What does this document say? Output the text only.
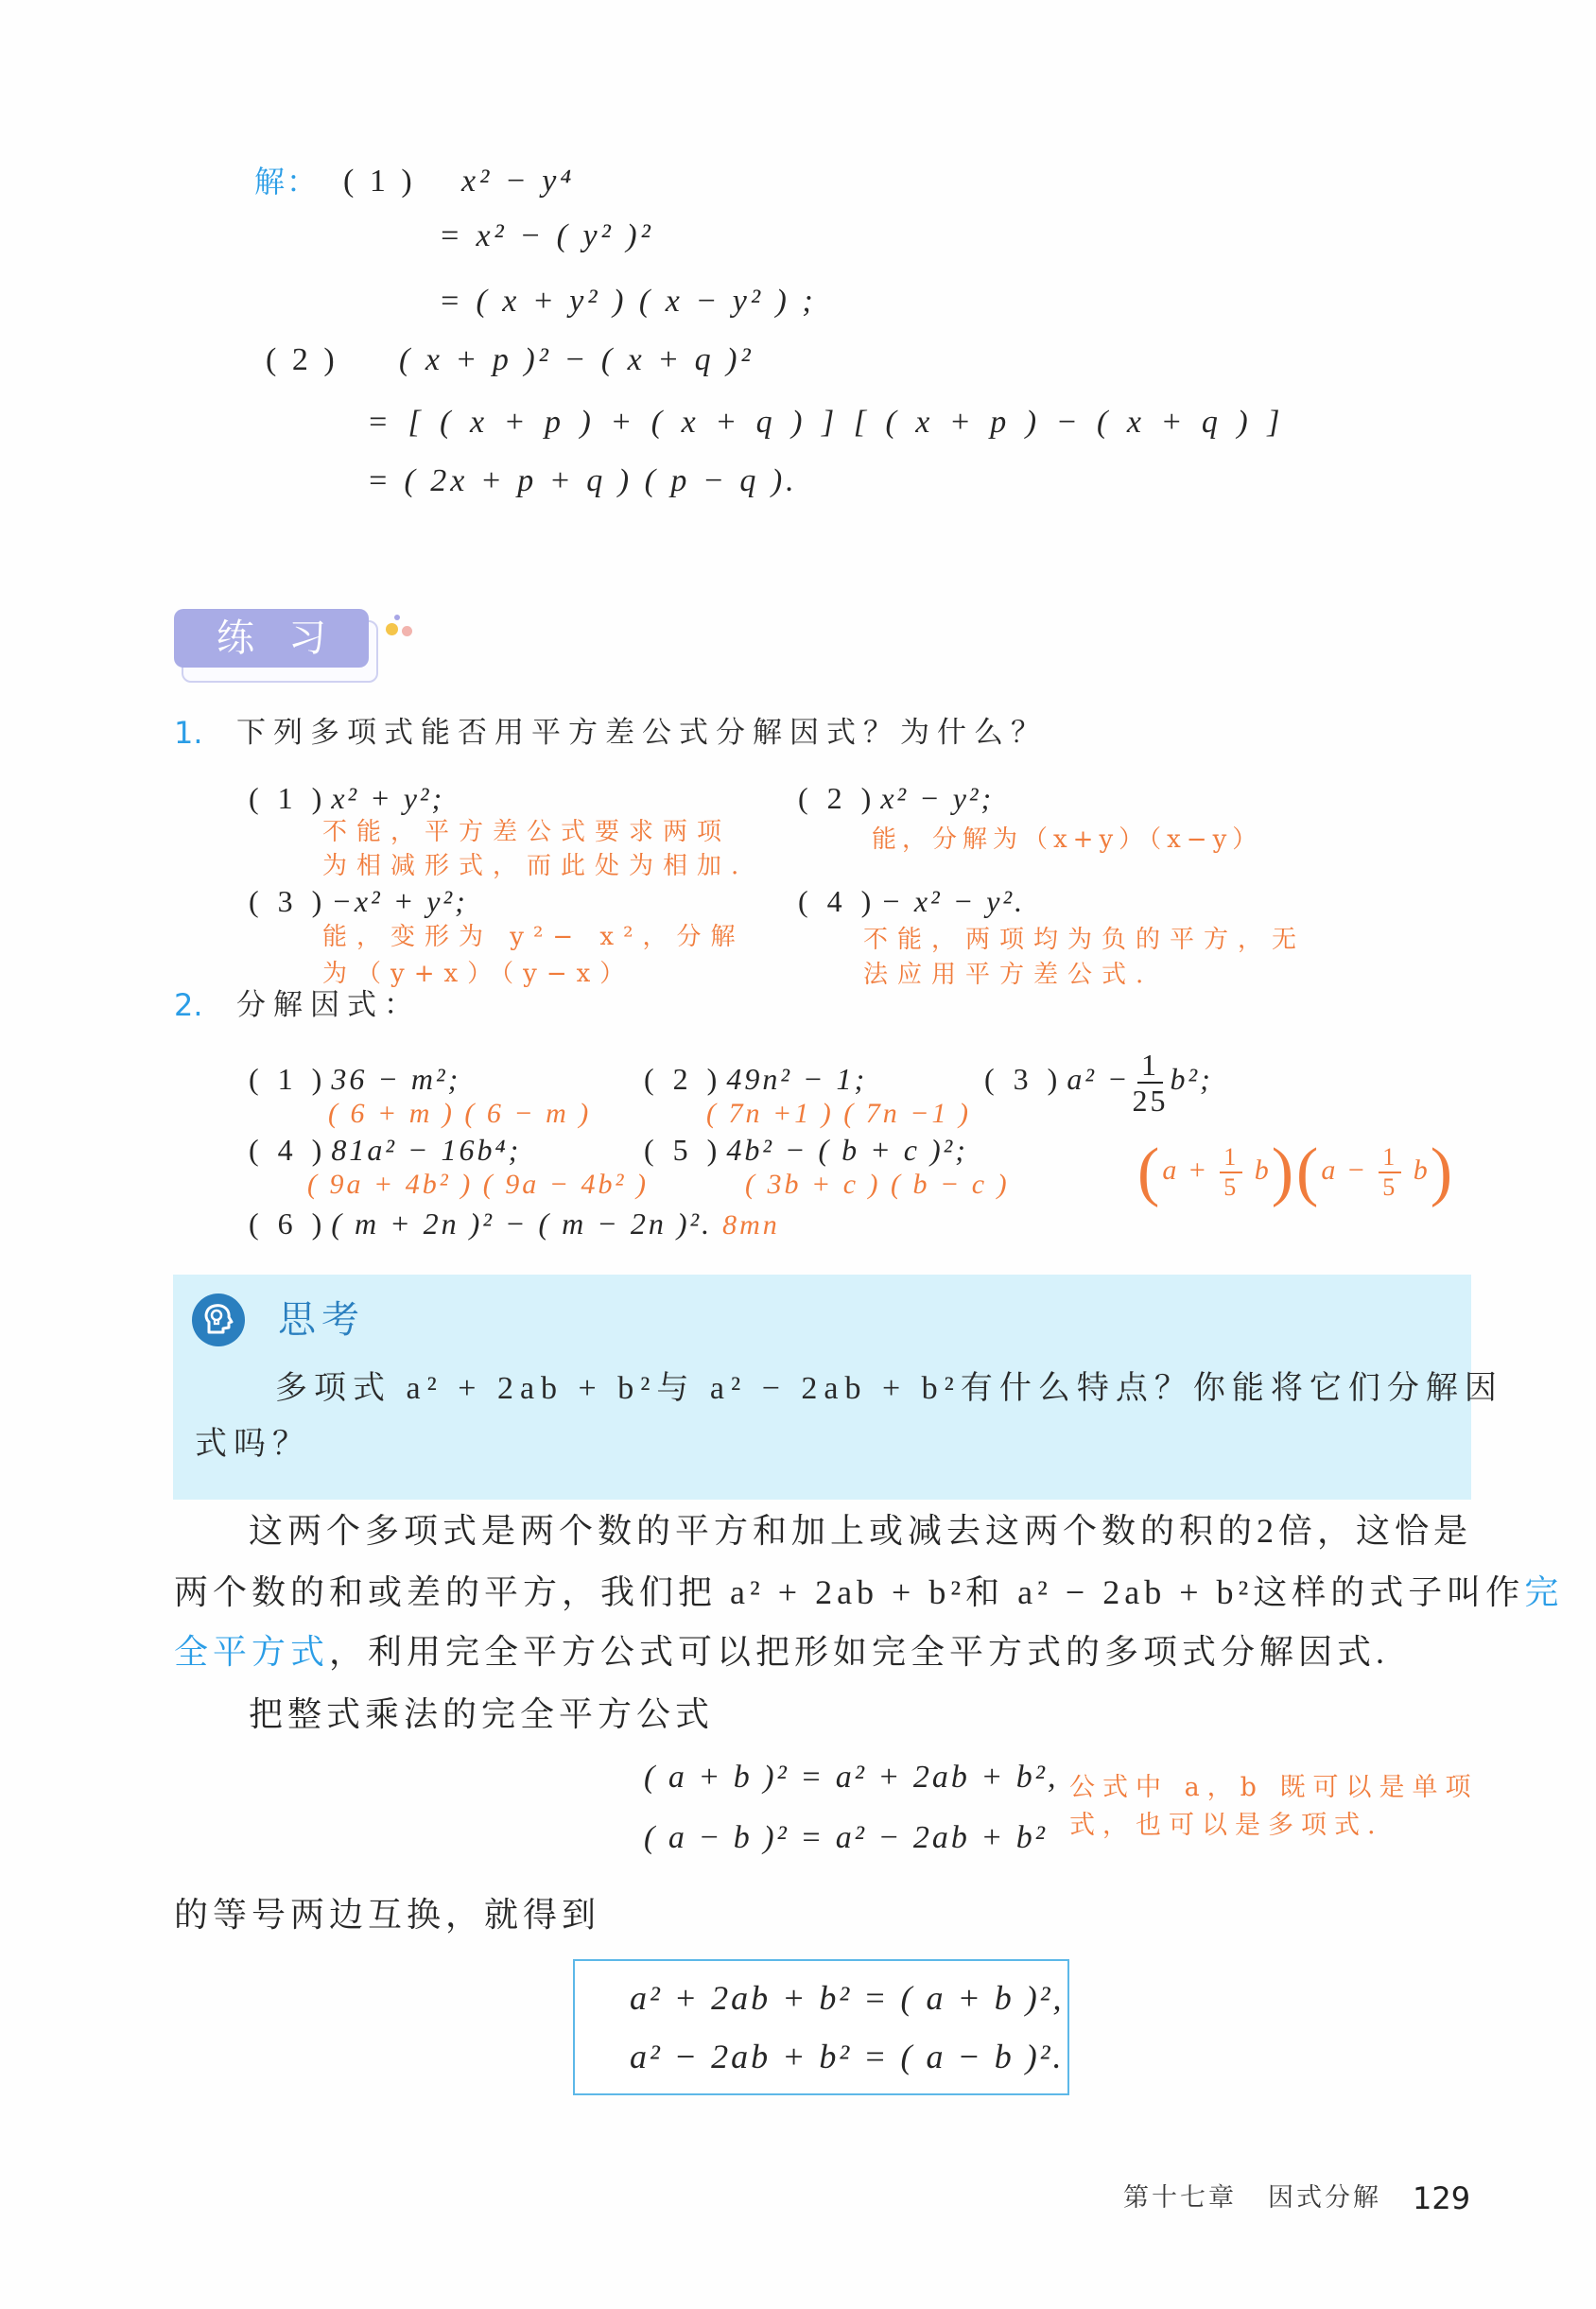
解： ( 1 ) x² − y⁴
= x² − ( y² )²
= ( x + y² ) ( x − y² ) ;
( 2 ) ( x + p )² − ( x + q )²
= [ ( x + p ) + ( x + q ) ] [ ( x + p ) − ( x + q ) ]
= ( 2x + p + q ) ( p − q ).
练习
1. 下列多项式能否用平方差公式分解因式？为什么？
( 1 ) x² + y²;
不能，平方差公式要求两项
为相减形式，而此处为相加.
( 2 ) x² − y²;
能，分解为（x+y）（x−y）
( 3 ) −x² + y²;
能，变形为 y²− x²，分解
为（y+x）（y−x）
( 4 ) − x² − y².
不能，两项均为负的平方，无
法应用平方差公式.
2. 分解因式：
( 1 ) 36 − m²;
( 6 + m ) ( 6 − m )
( 2 ) 49n² − 1;
( 7n +1 ) ( 7n −1 )
( 3 ) $a^2 - \frac{1}{25} b^2$;
$(a + \frac{1}{5} b)(a - \frac{1}{5} b)$
( 4 ) 81a² − 16b⁴;
( 9a + 4b² ) ( 9a − 4b² )
( 5 ) 4b² − ( b + c )²;
( 3b + c ) ( b − c )
( 6 ) ( m + 2n )² − ( m − 2n )². 8mn
思考
多项式 a² + 2ab + b²与 a² − 2ab + b²有什么特点？你能将它们分解因
式吗？
这两个多项式是两个数的平方和加上或减去这两个数的积的2倍，这恰是
两个数的和或差的平方，我们把 a² + 2ab + b²和 a² − 2ab + b²这样的式子叫作完
全平方式，利用完全平方公式可以把形如完全平方式的多项式分解因式.
把整式乘法的完全平方公式
( a + b )² = a² + 2ab + b²,
( a − b )² = a² − 2ab + b²
公式中 a，b 既可以是单项
式，也可以是多项式.
的等号两边互换，就得到
a² + 2ab + b² = ( a + b )²,
a² − 2ab + b² = ( a − b )².
第十七章 因式分解 129
